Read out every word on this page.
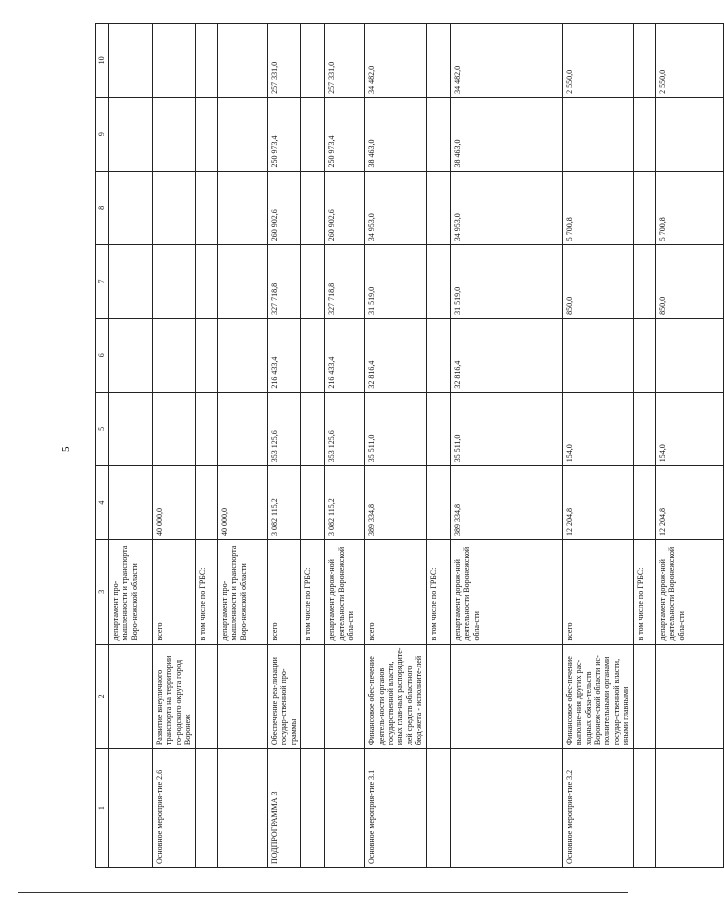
5
1	2	3	4	5	6	7	8	9	10
		департамент про-мышленности и транспорта Воро-нежской области							
Основное мероприя-тие 2.6	Развитие внеуличного транспорта на территории го-родского округа город Воронеж	всего	40 000,0						
		в том числе по ГРБС:							
		департамент про-мышленности и транспорта Воро-нежской области	40 000,0						
ПОДПРОГРАММА 3	Обеспечение реа-лизации государ-ственной про-граммы	всего	3 082 115,2	353 125,6	216 433,4	327 718,8	260 902,6	250 973,4	257 331,0
		в том числе по ГРБС:							
		департамент дорож-ной деятельности Воронежской обла-сти	3 082 115,2	353 125,6	216 433,4	327 718,8	260 902,6	250 973,4	257 331,0
Основное мероприя-тие 3.1	Финансовое обес-печение деятель-ности органов государственной власти, иных глав-ных распорядите-лей средств областного бюд-жета - исполните-лей	всего	389 334,8	35 511,0	32 816,4	31 519,0	34 953,0	38 463,0	34 482,0
		в том числе по ГРБС:							
		департамент дорож-ной деятельности Воронежской обла-сти	389 334,8	35 511,0	32 816,4	31 519,0	34 953,0	38 463,0	34 482,0
Основное мероприя-тие 3.2	Финансовое обес-печение выполне-ния других рас-ходных обяза-тельств Воронеж-ской области ис-полнительными органами государ-ственной власти, иными главными	всего	12 204,8	154,0		850,0	5 700,8		2 550,0
		в том числе по ГРБС:							
		департамент дорож-ной деятельности Воронежской обла-сти	12 204,8	154,0		850,0	5 700,8		2 550,0
